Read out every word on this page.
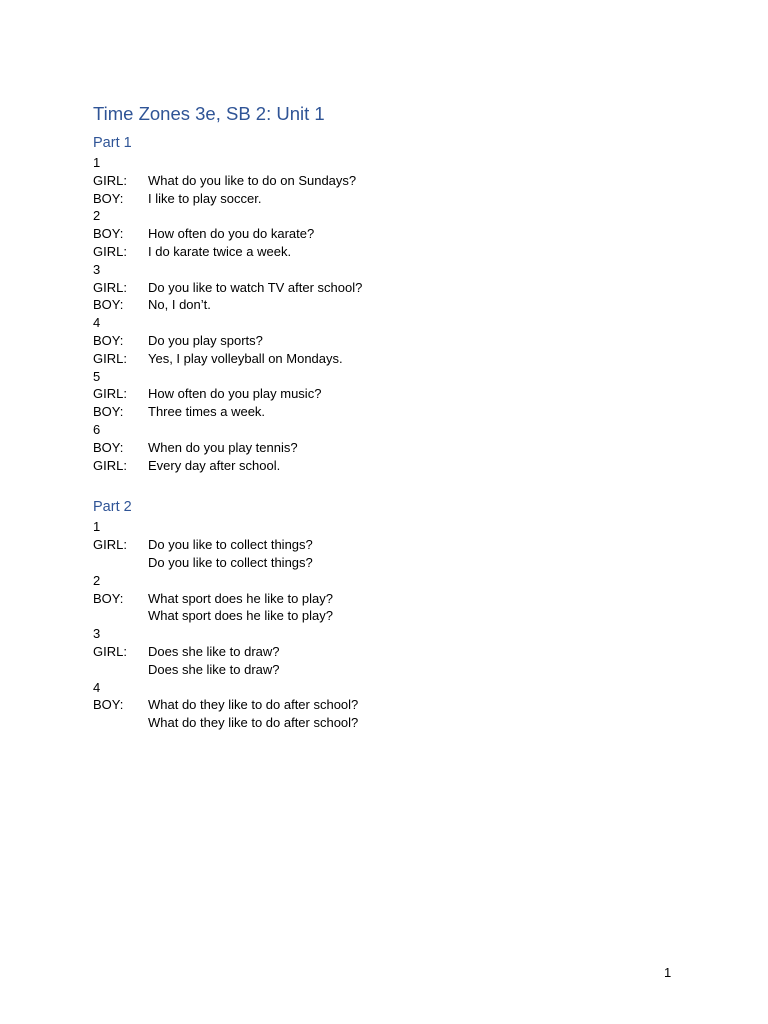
Time Zones 3e, SB 2: Unit 1
Part 1
1
GIRL:	What do you like to do on Sundays?
BOY:	I like to play soccer.
2
BOY:	How often do you do karate?
GIRL:	I do karate twice a week.
3
GIRL:	Do you like to watch TV after school?
BOY:	No, I don’t.
4
BOY:	Do you play sports?
GIRL:	Yes, I play volleyball on Mondays.
5
GIRL:	How often do you play music?
BOY:	Three times a week.
6
BOY:	When do you play tennis?
GIRL:	Every day after school.
Part 2
1
GIRL:	Do you like to collect things?
Do you like to collect things?
2
BOY:	What sport does he like to play?
What sport does he like to play?
3
GIRL:	Does she like to draw?
Does she like to draw?
4
BOY:	What do they like to do after school?
What do they like to do after school?
1
